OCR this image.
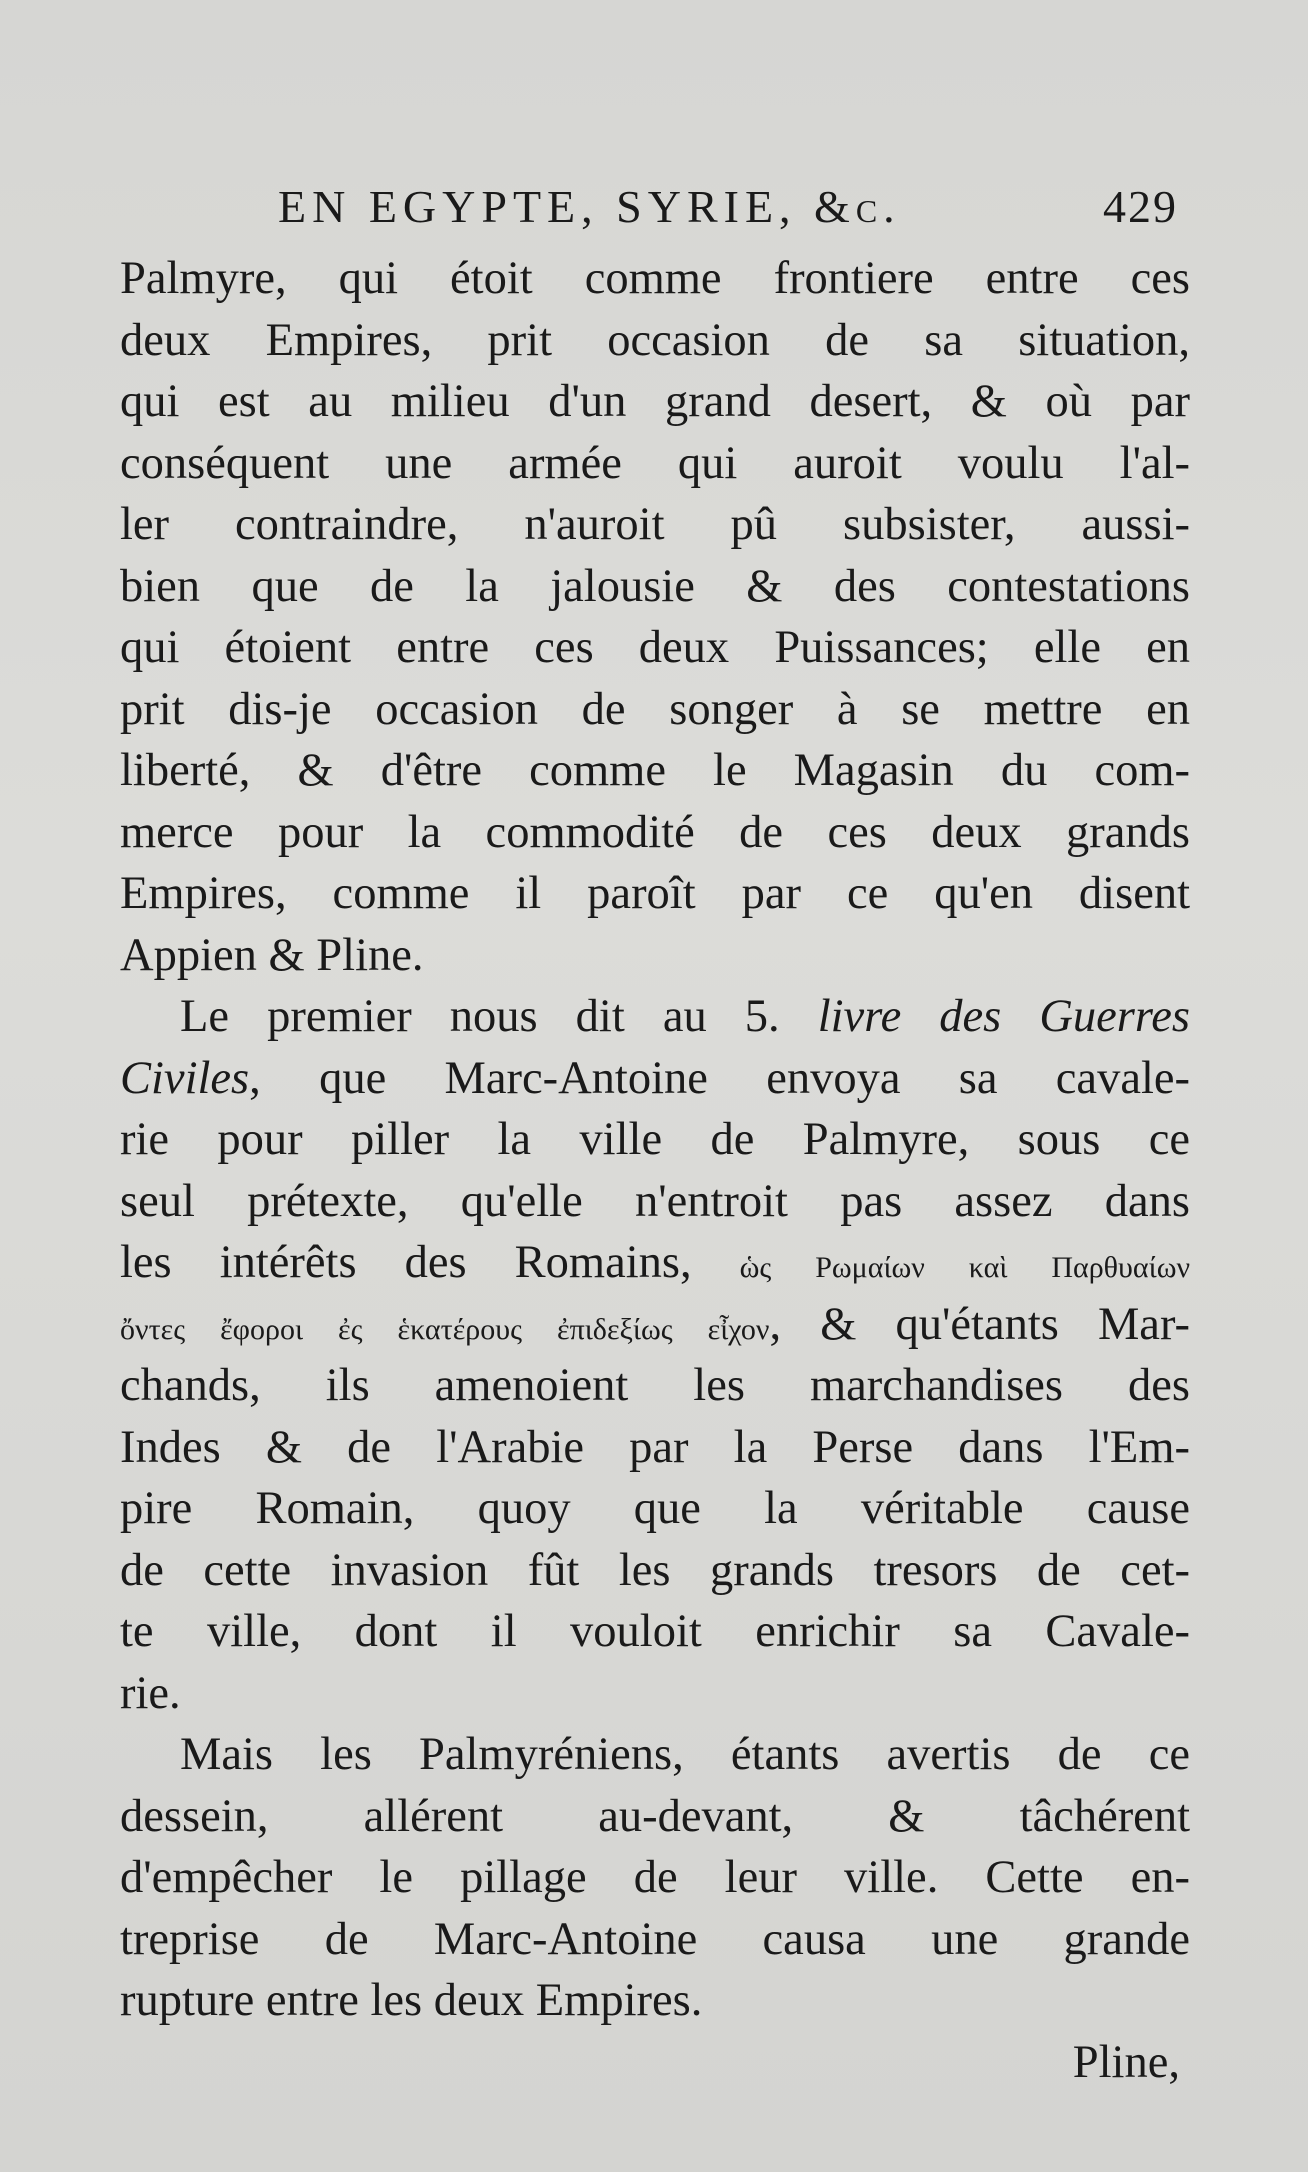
EN EGYPTE, SYRIE, &c.	429
Palmyre, qui étoit comme frontiere entre ces
deux Empires, prit occasion de sa situation,
qui est au milieu d'un grand desert, & où par
conséquent une armée qui auroit voulu l'al-
ler contraindre, n'auroit pû subsister, aussi-
bien que de la jalousie & des contestations
qui étoient entre ces deux Puissances; elle en
prit dis-je occasion de songer à se mettre en
liberté, & d'être comme le Magasin du com-
merce pour la commodité de ces deux grands
Empires, comme il paroît par ce qu'en disent
Appien & Pline.
Le premier nous dit au 5. livre des Guerres
Civiles, que Marc-Antoine envoya sa cavale-
rie pour piller la ville de Palmyre, sous ce
seul prétexte, qu'elle n'entroit pas assez dans
les intérêts des Romains, ὡς Ρωμαίων καὶ Παρθυαίων
ὄντες ἔφοροι ἐς ἑκατέρους ἐπιδεξίως εἶχον, & qu'étants Mar-
chands, ils amenoient les marchandises des
Indes & de l'Arabie par la Perse dans l'Em-
pire Romain, quoy que la véritable cause
de cette invasion fût les grands tresors de cet-
te ville, dont il vouloit enrichir sa Cavale-
rie.
Mais les Palmyréniens, étants avertis de ce
dessein, allérent au-devant, & tâchérent
d'empêcher le pillage de leur ville. Cette en-
treprise de Marc-Antoine causa une grande
rupture entre les deux Empires.
Pline,
